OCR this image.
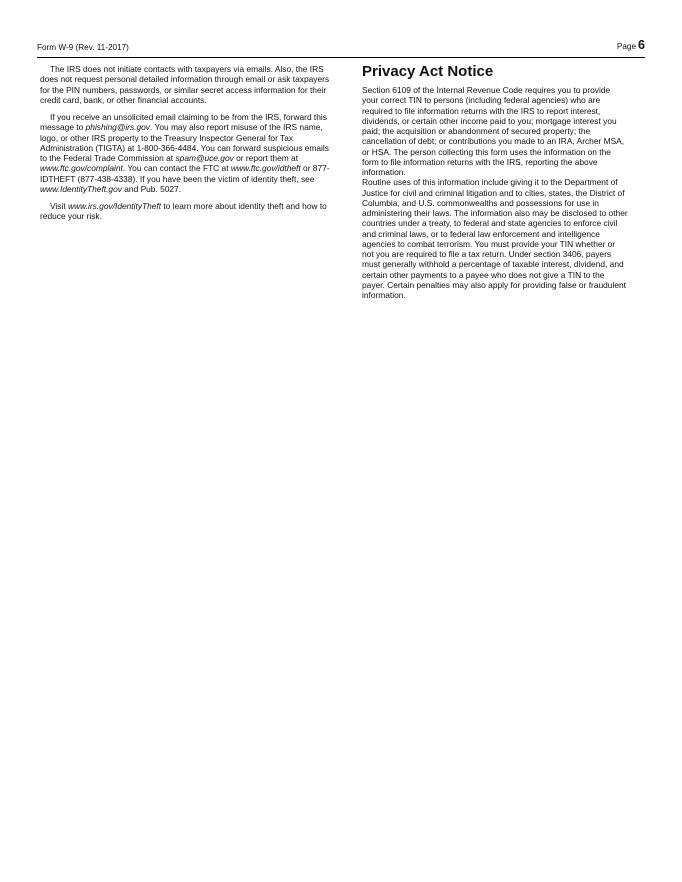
Form W-9 (Rev. 11-2017)	Page 6

The IRS does not initiate contacts with taxpayers via emails. Also, the IRS does not request personal detailed information through email or ask taxpayers for the PIN numbers, passwords, or similar secret access information for their credit card, bank, or other financial accounts.

If you receive an unsolicited email claiming to be from the IRS, forward this message to phishing@irs.gov. You may also report misuse of the IRS name, logo, or other IRS property to the Treasury Inspector General for Tax Administration (TIGTA) at 1-800-366-4484. You can forward suspicious emails to the Federal Trade Commission at spam@uce.gov or report them at www.ftc.gov/complaint. You can contact the FTC at www.ftc.gov/idtheft or 877-IDTHEFT (877-438-4338). If you have been the victim of identity theft, see www.IdentityTheft.gov and Pub. 5027.

Visit www.irs.gov/IdentityTheft to learn more about identity theft and how to reduce your risk.

Privacy Act Notice

Section 6109 of the Internal Revenue Code requires you to provide your correct TIN to persons (including federal agencies) who are required to file information returns with the IRS to report interest, dividends, or certain other income paid to you; mortgage interest you paid; the acquisition or abandonment of secured property; the cancellation of debt; or contributions you made to an IRA, Archer MSA, or HSA. The person collecting this form uses the information on the form to file information returns with the IRS, reporting the above information.

Routine uses of this information include giving it to the Department of Justice for civil and criminal litigation and to cities, states, the District of Columbia, and U.S. commonwealths and possessions for use in administering their laws. The information also may be disclosed to other countries under a treaty, to federal and state agencies to enforce civil and criminal laws, or to federal law enforcement and intelligence agencies to combat terrorism. You must provide your TIN whether or not you are required to file a tax return. Under section 3406, payers must generally withhold a percentage of taxable interest, dividend, and certain other payments to a payee who does not give a TIN to the payer. Certain penalties may also apply for providing false or fraudulent information.
